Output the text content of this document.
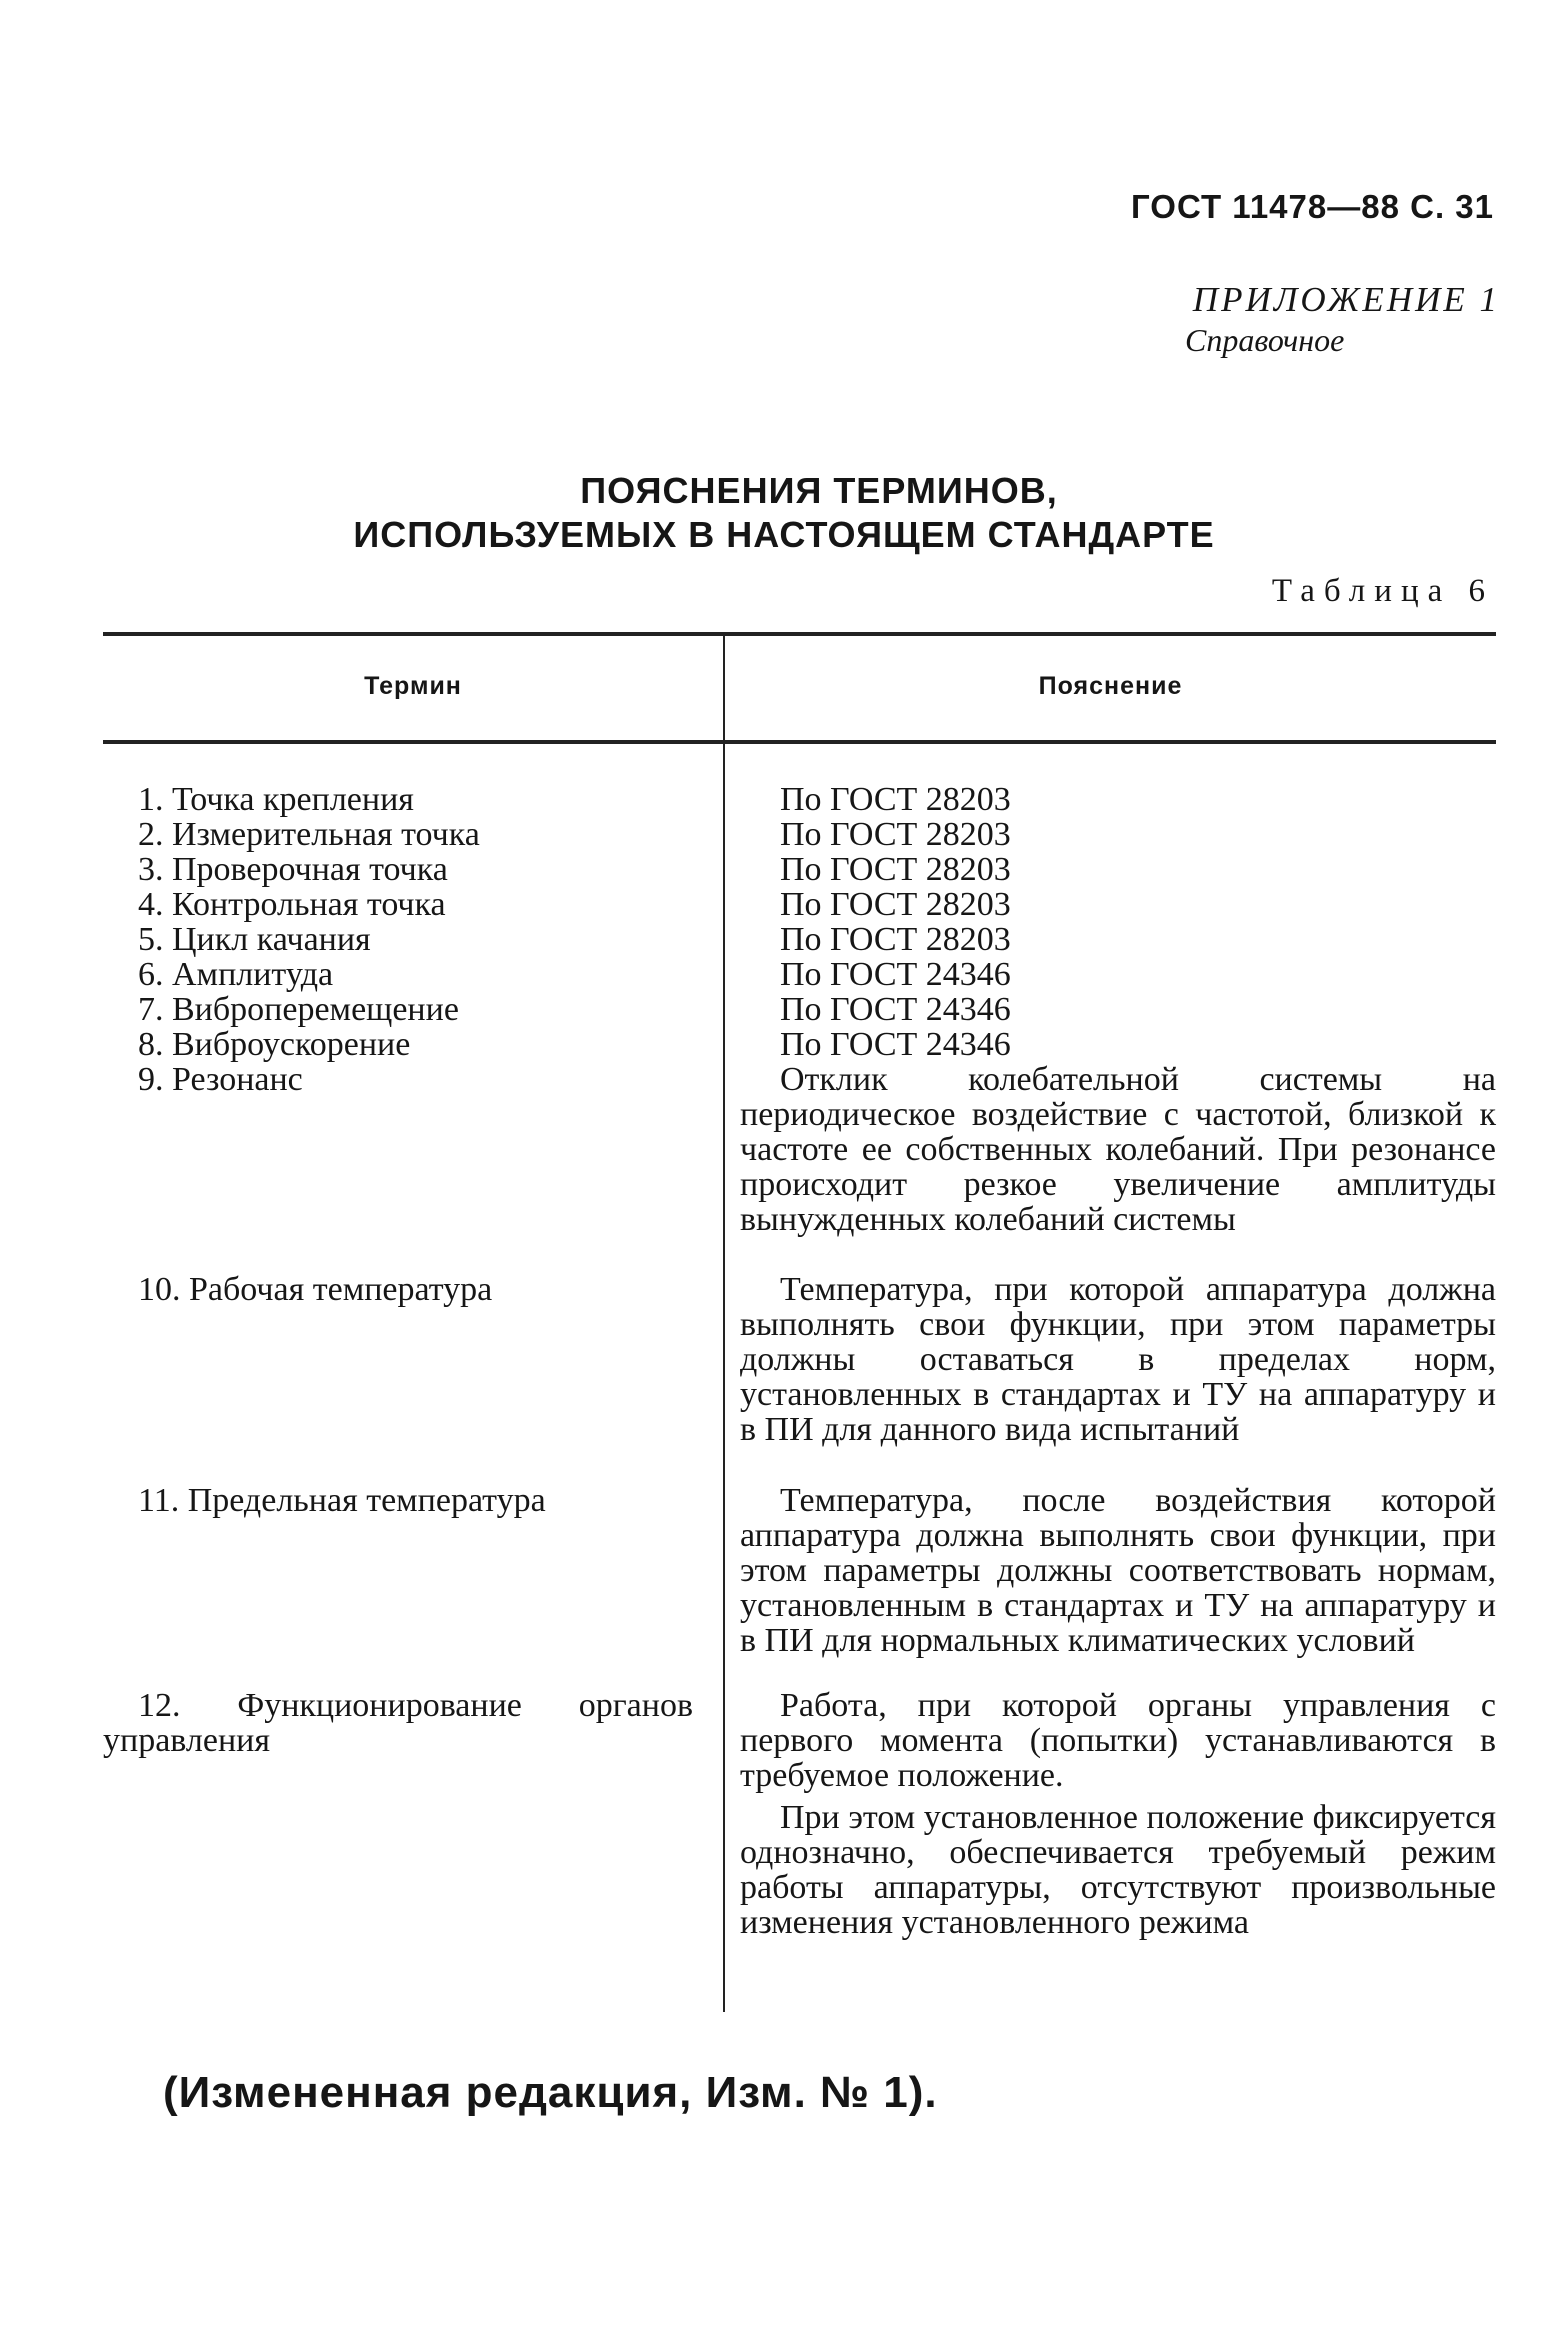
ГОСТ 11478—88 С. 31
ПРИЛОЖЕНИЕ 1
Справочное
ПОЯСНЕНИЯ ТЕРМИНОВ,
ИСПОЛЬЗУЕМЫХ В НАСТОЯЩЕМ СТАНДАРТЕ
Таблица 6
Термин	Пояснение
1. Точка крепления
2. Измерительная точка
3. Проверочная точка
4. Контрольная точка
5. Цикл качания
6. Амплитуда
7. Виброперемещение
8. Виброускорение
9. Резонанс
10. Рабочая температура
11. Предельная температура
12. Функционирование органов управления
По ГОСТ 28203
По ГОСТ 28203
По ГОСТ 28203
По ГОСТ 28203
По ГОСТ 28203
По ГОСТ 24346
По ГОСТ 24346
По ГОСТ 24346
Отклик колебательной системы на периодическое воздействие с частотой, близкой к частоте ее собственных колебаний. При резонансе происходит резкое увеличение амплитуды вынужденных колебаний системы
Температура, при которой аппаратура должна выполнять свои функции, при этом параметры должны оставаться в пределах норм, установленных в стандартах и ТУ на аппаратуру и в ПИ для данного вида испытаний
Температура, после воздействия которой аппаратура должна выполнять свои функции, при этом параметры должны соответствовать нормам, установленным в стандартах и ТУ на аппаратуру и в ПИ для нормальных климатических условий
Работа, при которой органы управления с первого момента (попытки) устанавливаются в требуемое положение.
При этом установленное положение фиксируется однозначно, обеспечивается требуемый режим работы аппаратуры, отсутствуют произвольные изменения установленного режима
(Измененная редакция, Изм. № 1).
